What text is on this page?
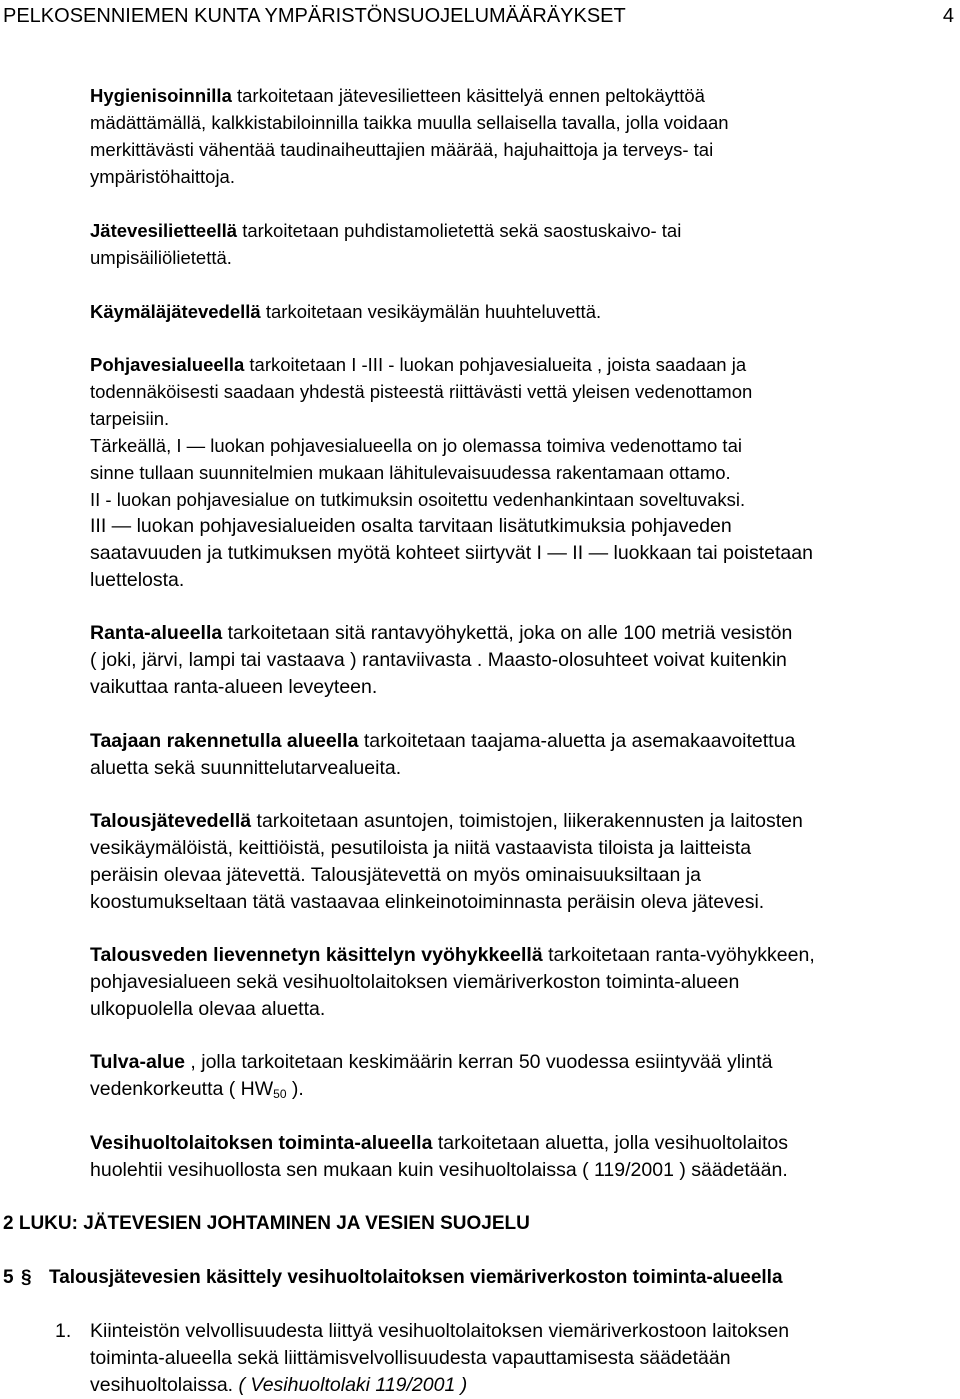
PELKOSENNIEMEN KUNTA YMPÄRISTÖNSUOJELUMÄÄRÄYKSET	4

Hygienisoinnilla tarkoitetaan jätevesilietteen käsittelyä ennen peltokäyttöä

mädättämällä, kalkkistabiloinnilla taikka muulla sellaisella tavalla, jolla voidaan

merkittävästi vähentää taudinaiheuttajien määrää, hajuhaittoja ja terveys- tai

ympäristöhaittoja.

Jätevesilietteellä tarkoitetaan puhdistamolietettä sekä saostuskaivo- tai

umpisäiliölietettä.

Käymäläjätevedellä tarkoitetaan vesikäymälän huuhteluvettä.

Pohjavesialueella tarkoitetaan I -III - luokan pohjavesialueita , joista saadaan ja

todennäköisesti saadaan yhdestä pisteestä riittävästi vettä yleisen vedenottamon

tarpeisiin.

Tärkeällä, I — luokan pohjavesialueella on jo olemassa toimiva vedenottamo tai

sinne tullaan suunnitelmien mukaan lähitulevaisuudessa rakentamaan ottamo.

II - luokan pohjavesialue on tutkimuksin osoitettu vedenhankintaan soveltuvaksi.

III — luokan pohjavesialueiden osalta tarvitaan lisätutkimuksia pohjaveden

saatavuuden ja tutkimuksen myötä kohteet siirtyvät I — II — luokkaan tai poistetaan

luettelosta.

Ranta-alueella tarkoitetaan sitä rantavyöhykettä, joka on alle 100 metriä vesistön

( joki, järvi, lampi tai vastaava ) rantaviivasta . Maasto-olosuhteet voivat kuitenkin

vaikuttaa ranta-alueen leveyteen.

Taajaan rakennetulla alueella tarkoitetaan taajama-aluetta ja asemakaavoitettua

aluetta sekä suunnittelutarvealueita.

Talousjätevedellä tarkoitetaan asuntojen, toimistojen, liikerakennusten ja laitosten

vesikäymälöistä, keittiöistä, pesutiloista ja niitä vastaavista tiloista ja laitteista

peräisin olevaa jätevettä. Talousjätevettä on myös ominaisuuksiltaan ja

koostumukseltaan tätä vastaavaa elinkeinotoiminnasta peräisin oleva jätevesi.

Talousveden lievennetyn käsittelyn vyöhykkeellä tarkoitetaan ranta-vyöhykkeen,

pohjavesialueen sekä vesihuoltolaitoksen viemäriverkoston toiminta-alueen

ulkopuolella olevaa aluetta.

Tulva-alue , jolla tarkoitetaan keskimäärin kerran 50 vuodessa esiintyvää ylintä

vedenkorkeutta ( $HW_{50}$ ).

Vesihuoltolaitoksen toiminta-alueella tarkoitetaan aluetta, jolla vesihuoltolaitos

huolehtii vesihuollosta sen mukaan kuin vesihuoltolaissa ( 119/2001 ) säädetään.

2 LUKU: JÄTEVESIEN JOHTAMINEN JA VESIEN SUOJELU
5 § Talousjätevesien käsittely vesihuoltolaitoksen viemäriverkoston toiminta-alueella
1. Kiinteistön velvollisuudesta liittyä vesihuoltolaitoksen viemäriverkostoon laitoksen

toiminta-alueella sekä liittämisvelvollisuudesta vapauttamisesta säädetään

vesihuoltolaissa. ( Vesihuoltolaki 119/2001 )
